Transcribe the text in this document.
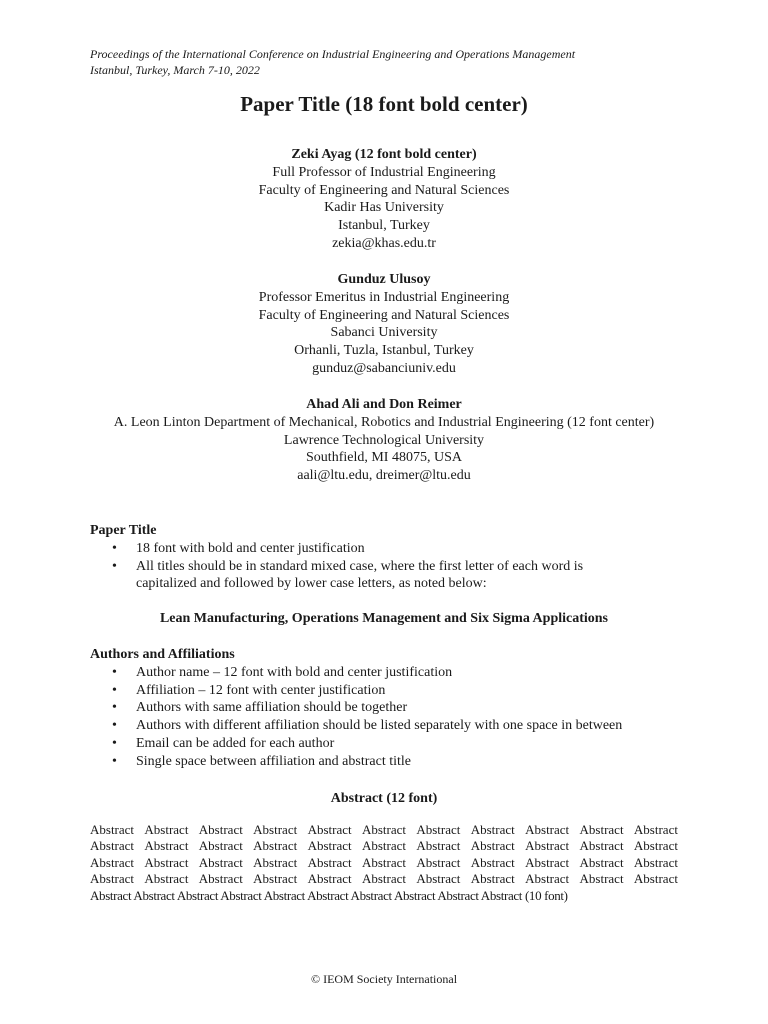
Proceedings of the International Conference on Industrial Engineering and Operations Management
Istanbul, Turkey, March 7-10, 2022
Paper Title (18 font bold center)
Zeki Ayag (12 font bold center)
Full Professor of Industrial Engineering
Faculty of Engineering and Natural Sciences
Kadir Has University
Istanbul, Turkey
zekia@khas.edu.tr
Gunduz Ulusoy
Professor Emeritus in Industrial Engineering
Faculty of Engineering and Natural Sciences
Sabanci University
Orhanli, Tuzla, Istanbul, Turkey
gunduz@sabanciuniv.edu
Ahad Ali and Don Reimer
A. Leon Linton Department of Mechanical, Robotics and Industrial Engineering (12 font center)
Lawrence Technological University
Southfield, MI 48075, USA
aali@ltu.edu, dreimer@ltu.edu
Paper Title
• 18 font with bold and center justification
• All titles should be in standard mixed case, where the first letter of each word is
capitalized and followed by lower case letters, as noted below:
Lean Manufacturing, Operations Management and Six Sigma Applications
Authors and Affiliations
• Author name – 12 font with bold and center justification
• Affiliation – 12 font with center justification
• Authors with same affiliation should be together
• Authors with different affiliation should be listed separately with one space in between
• Email can be added for each author
• Single space between affiliation and abstract title
Abstract (12 font)
Abstract Abstract Abstract Abstract Abstract Abstract Abstract Abstract Abstract Abstract Abstract
Abstract Abstract Abstract Abstract Abstract Abstract Abstract Abstract Abstract Abstract Abstract
Abstract Abstract Abstract Abstract Abstract Abstract Abstract Abstract Abstract Abstract Abstract
Abstract Abstract Abstract Abstract Abstract Abstract Abstract Abstract Abstract Abstract Abstract
Abstract Abstract Abstract Abstract Abstract Abstract Abstract Abstract Abstract Abstract (10 font)
© IEOM Society International
